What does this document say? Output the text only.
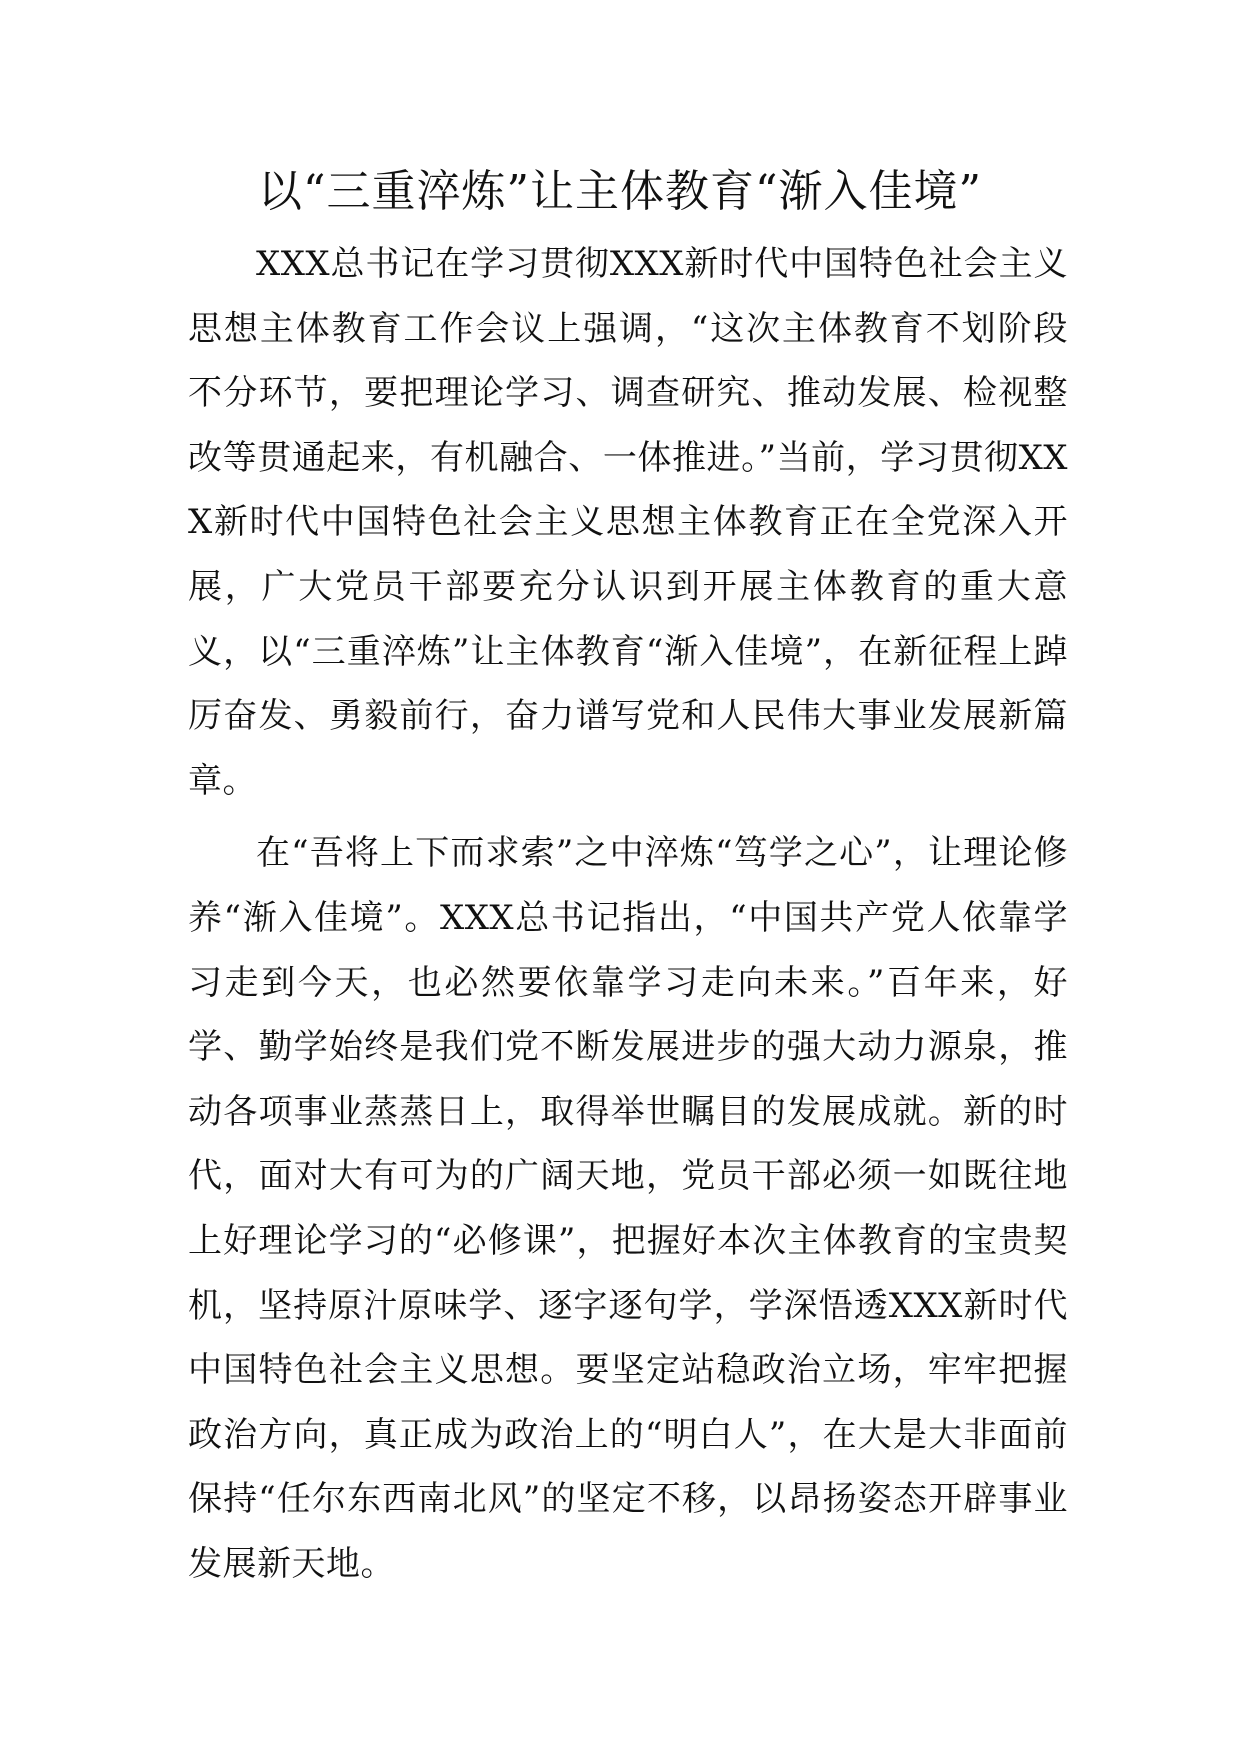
以“三重淬炼”让主体教育“渐入佳境”

XXX总书记在学习贯彻XXX新时代中国特色社会主义思想主体教育工作会议上强调，“这次主体教育不划阶段不分环节，要把理论学习、调查研究、推动发展、检视整改等贯通起来，有机融合、一体推进。”当前，学习贯彻XXX新时代中国特色社会主义思想主体教育正在全党深入开展，广大党员干部要充分认识到开展主体教育的重大意义，以“三重淬炼”让主体教育“渐入佳境”，在新征程上踔厉奋发、勇毅前行，奋力谱写党和人民伟大事业发展新篇章。

在“吾将上下而求索”之中淬炼“笃学之心”，让理论修养“渐入佳境”。XXX总书记指出，“中国共产党人依靠学习走到今天，也必然要依靠学习走向未来。”百年来，好学、勤学始终是我们党不断发展进步的强大动力源泉，推动各项事业蒸蒸日上，取得举世瞩目的发展成就。新的时代，面对大有可为的广阔天地，党员干部必须一如既往地上好理论学习的“必修课”，把握好本次主体教育的宝贵契机，坚持原汁原味学、逐字逐句学，学深悟透XXX新时代中国特色社会主义思想。要坚定站稳政治立场，牢牢把握政治方向，真正成为政治上的“明白人”，在大是大非面前保持“任尔东西南北风”的坚定不移，以昂扬姿态开辟事业发展新天地。
